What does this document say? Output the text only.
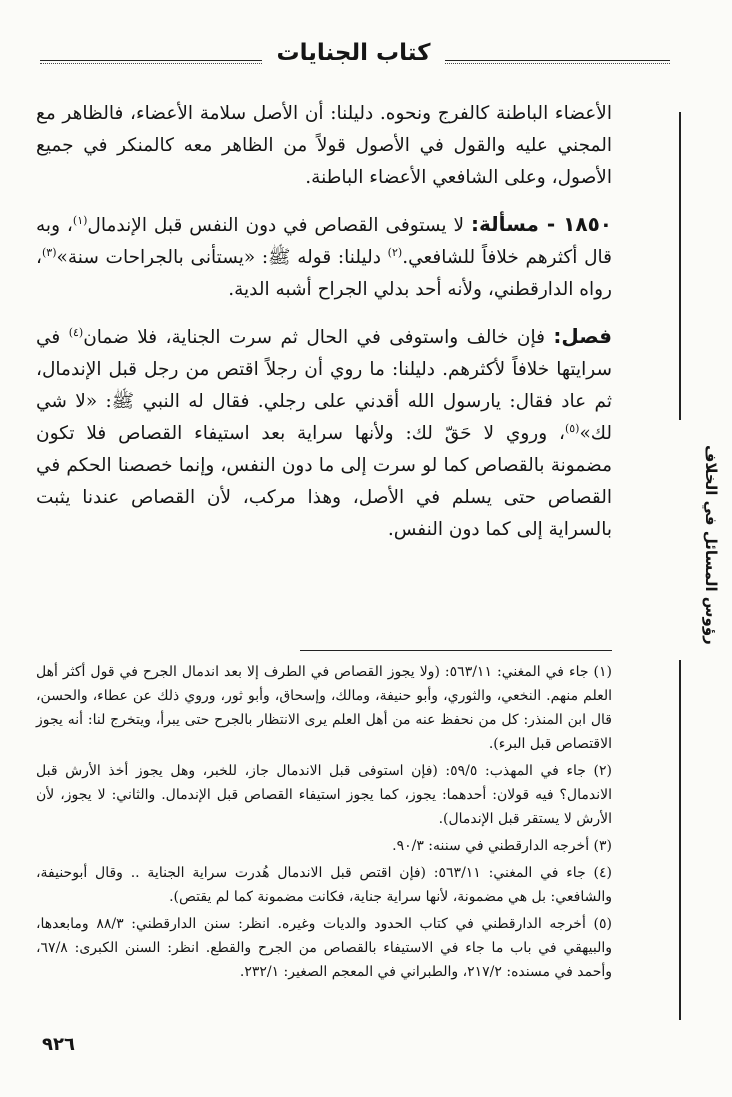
كتاب الجنايات
رؤوس المسائل في الخلاف

الأعضاء الباطنة كالفرج ونحوه. دليلنا: أن الأصل سلامة الأعضاء، فالظاهر مع المجني عليه والقول في الأصول قولاً من الظاهر معه كالمنكر في جميع الأصول، وعلى الشافعي الأعضاء الباطنة.

١٨٥٠ - مسألة: لا يستوفى القصاص في دون النفس قبل الإندمال$^{(١)}$، وبه قال أكثرهم خلافاً للشافعي.$^{(٢)}$ دليلنا: قوله ﷺ: «يستأنى بالجراحات سنة»$^{(٣)}$، رواه الدارقطني، ولأنه أحد بدلي الجراح أشبه الدية.

فصل: فإن خالف واستوفى في الحال ثم سرت الجناية، فلا ضمان$^{(٤)}$ في سرايتها خلافاً لأكثرهم. دليلنا: ما روي أن رجلاً اقتص من رجل قبل الإندمال، ثم عاد فقال: يارسول الله أقدني على رجلي. فقال له النبي ﷺ: «لا شي لك»$^{(٥)}$، وروي لا حَقّ لك: ولأنها سراية بعد استيفاء القصاص فلا تكون مضمونة بالقصاص كما لو سرت إلى ما دون النفس، وإنما خصصنا الحكم في القصاص حتى يسلم في الأصل، وهذا مركب، لأن القصاص عندنا يثبت بالسراية إلى كما دون النفس.

(١) جاء في المغني: ٥٦٣/١١: (ولا يجوز القصاص في الطرف إلا بعد اندمال الجرح في قول أكثر أهل العلم منهم. النخعي، والثوري، وأبو حنيفة، ومالك، وإسحاق، وأبو ثور، وروي ذلك عن عطاء، والحسن، قال ابن المنذر: كل من نحفظ عنه من أهل العلم يرى الانتظار بالجرح حتى يبرأ، ويتخرج لنا: أنه يجوز الاقتصاص قبل البرء).

(٢) جاء في المهذب: ٥٩/٥: (فإن استوفى قبل الاندمال جاز، للخبر، وهل يجوز أخذ الأرش قبل الاندمال؟ فيه قولان: أحدهما: يجوز، كما يجوز استيفاء القصاص قبل الإندمال. والثاني: لا يجوز، لأن الأرش لا يستقر قبل الإندمال).

(٣) أخرجه الدارقطني في سننه: ٩٠/٣.

(٤) جاء في المغني: ٥٦٣/١١: (فإن اقتص قبل الاندمال هُدرت سراية الجناية .. وقال أبوحنيفة، والشافعي: بل هي مضمونة، لأنها سراية جناية، فكانت مضمونة كما لم يقتص).

(٥) أخرجه الدارقطني في كتاب الحدود والديات وغيره. انظر: سنن الدارقطني: ٨٨/٣ ومابعدها، والبيهقي في باب ما جاء في الاستيفاء بالقصاص من الجرح والقطع. انظر: السنن الكبرى: ٦٧/٨، وأحمد في مسنده: ٢١٧/٢، والطبراني في المعجم الصغير: ٢٣٢/١.

٩٢٦
